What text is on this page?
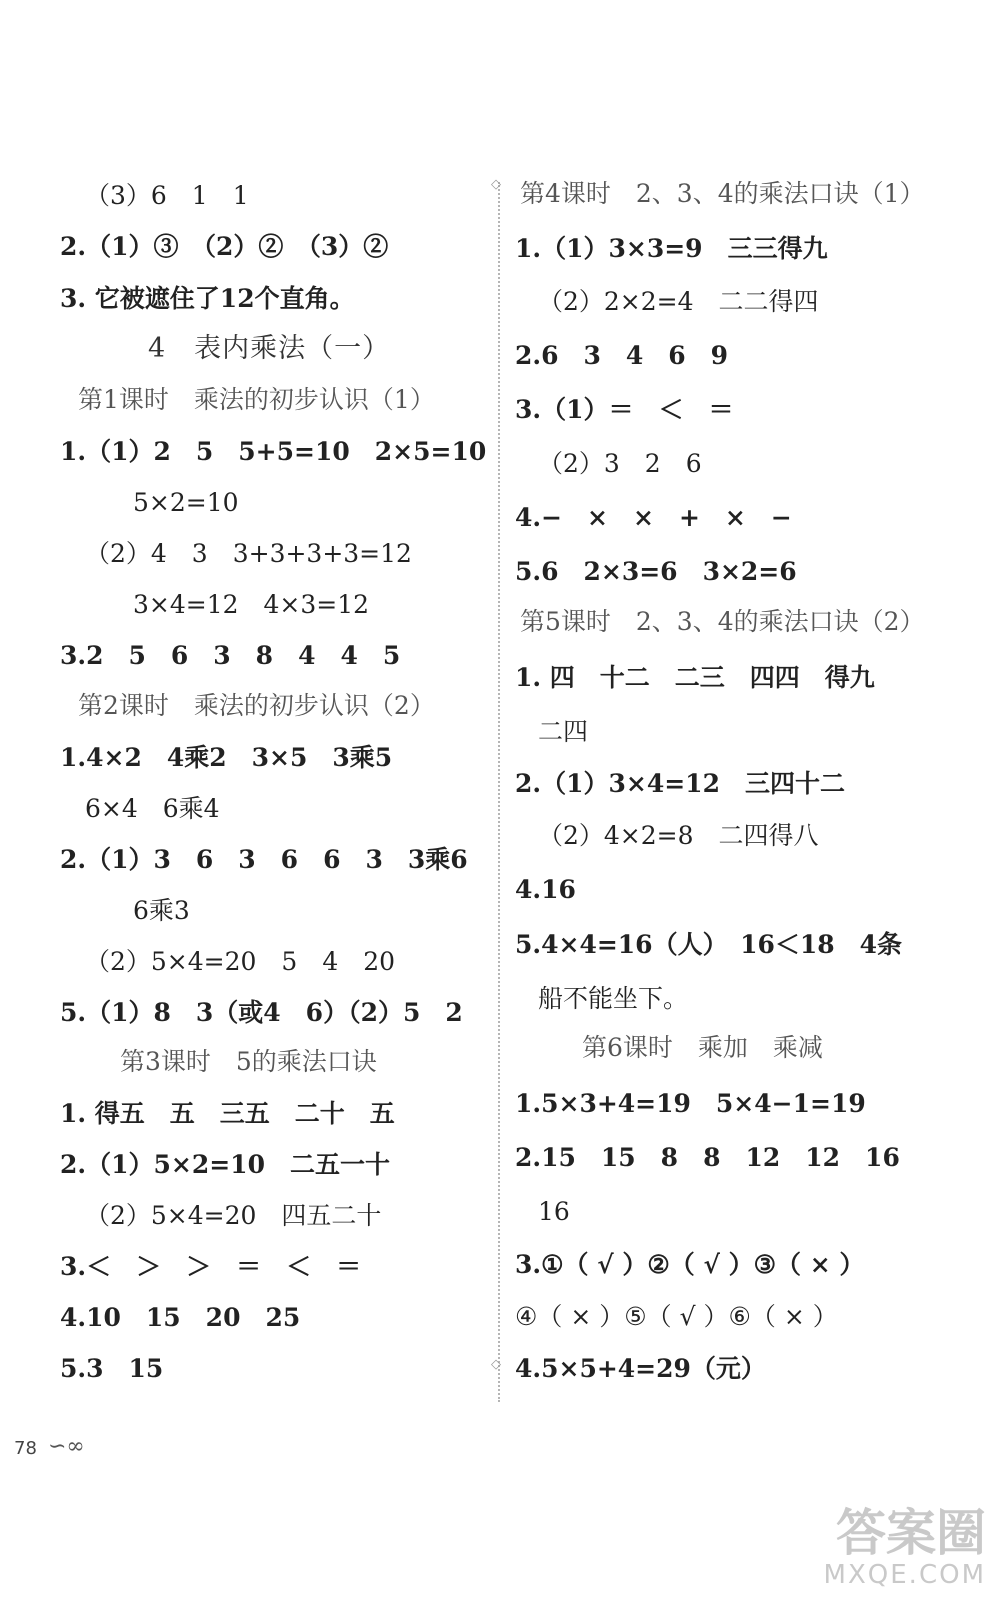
（3）6　1　1
2.（1）③　（2）②　（3）②
3. 它被遮住了12个直角。
4　表内乘法（一）
第1课时　乘法的初步认识（1）
1.（1）2　5　5+5=10　2×5=10
5×2=10
（2）4　3　3+3+3+3=12
3×4=12　4×3=12
3.2　5　6　3　8　4　4　5
第2课时　乘法的初步认识（2）
1.4×2　4乘2　3×5　3乘5
6×4　6乘4
2.（1）3　6　3　6　6　3　3乘6
6乘3
（2）5×4=20　5　4　20
5.（1）8　3（或4　6）（2）5　2
第3课时　5的乘法口诀
1. 得五　五　三五　二十　五
2.（1）5×2=10　二五一十
（2）5×4=20　四五二十
3.＜　＞　＞　＝　＜　＝
4.10　15　20　25
5.3　15
◇
◇
第4课时　2、3、4的乘法口诀（1）
1.（1）3×3=9　三三得九
（2）2×2=4　二二得四
2.6　3　4　6　9
3.（1）＝　＜　＝
（2）3　2　6
4.−　×　×　+　×　−
5.6　2×3=6　3×2=6
第5课时　2、3、4的乘法口诀（2）
1. 四　十二　二三　四四　得九
二四
2.（1）3×4=12　三四十二
（2）4×2=8　二四得八
4.16
5.4×4=16（人）　16＜18　4条
船不能坐下。
第6课时　乘加　乘减
1.5×3+4=19　5×4−1=19
2.15　15　8　8　12　12　16
16
3.①（ √ ）②（ √ ）③（ × ）
④（ × ）⑤（ √ ）⑥（ × ）
4.5×5+4=29（元）
78 ∽∞
答案圈
MXQE.COM
